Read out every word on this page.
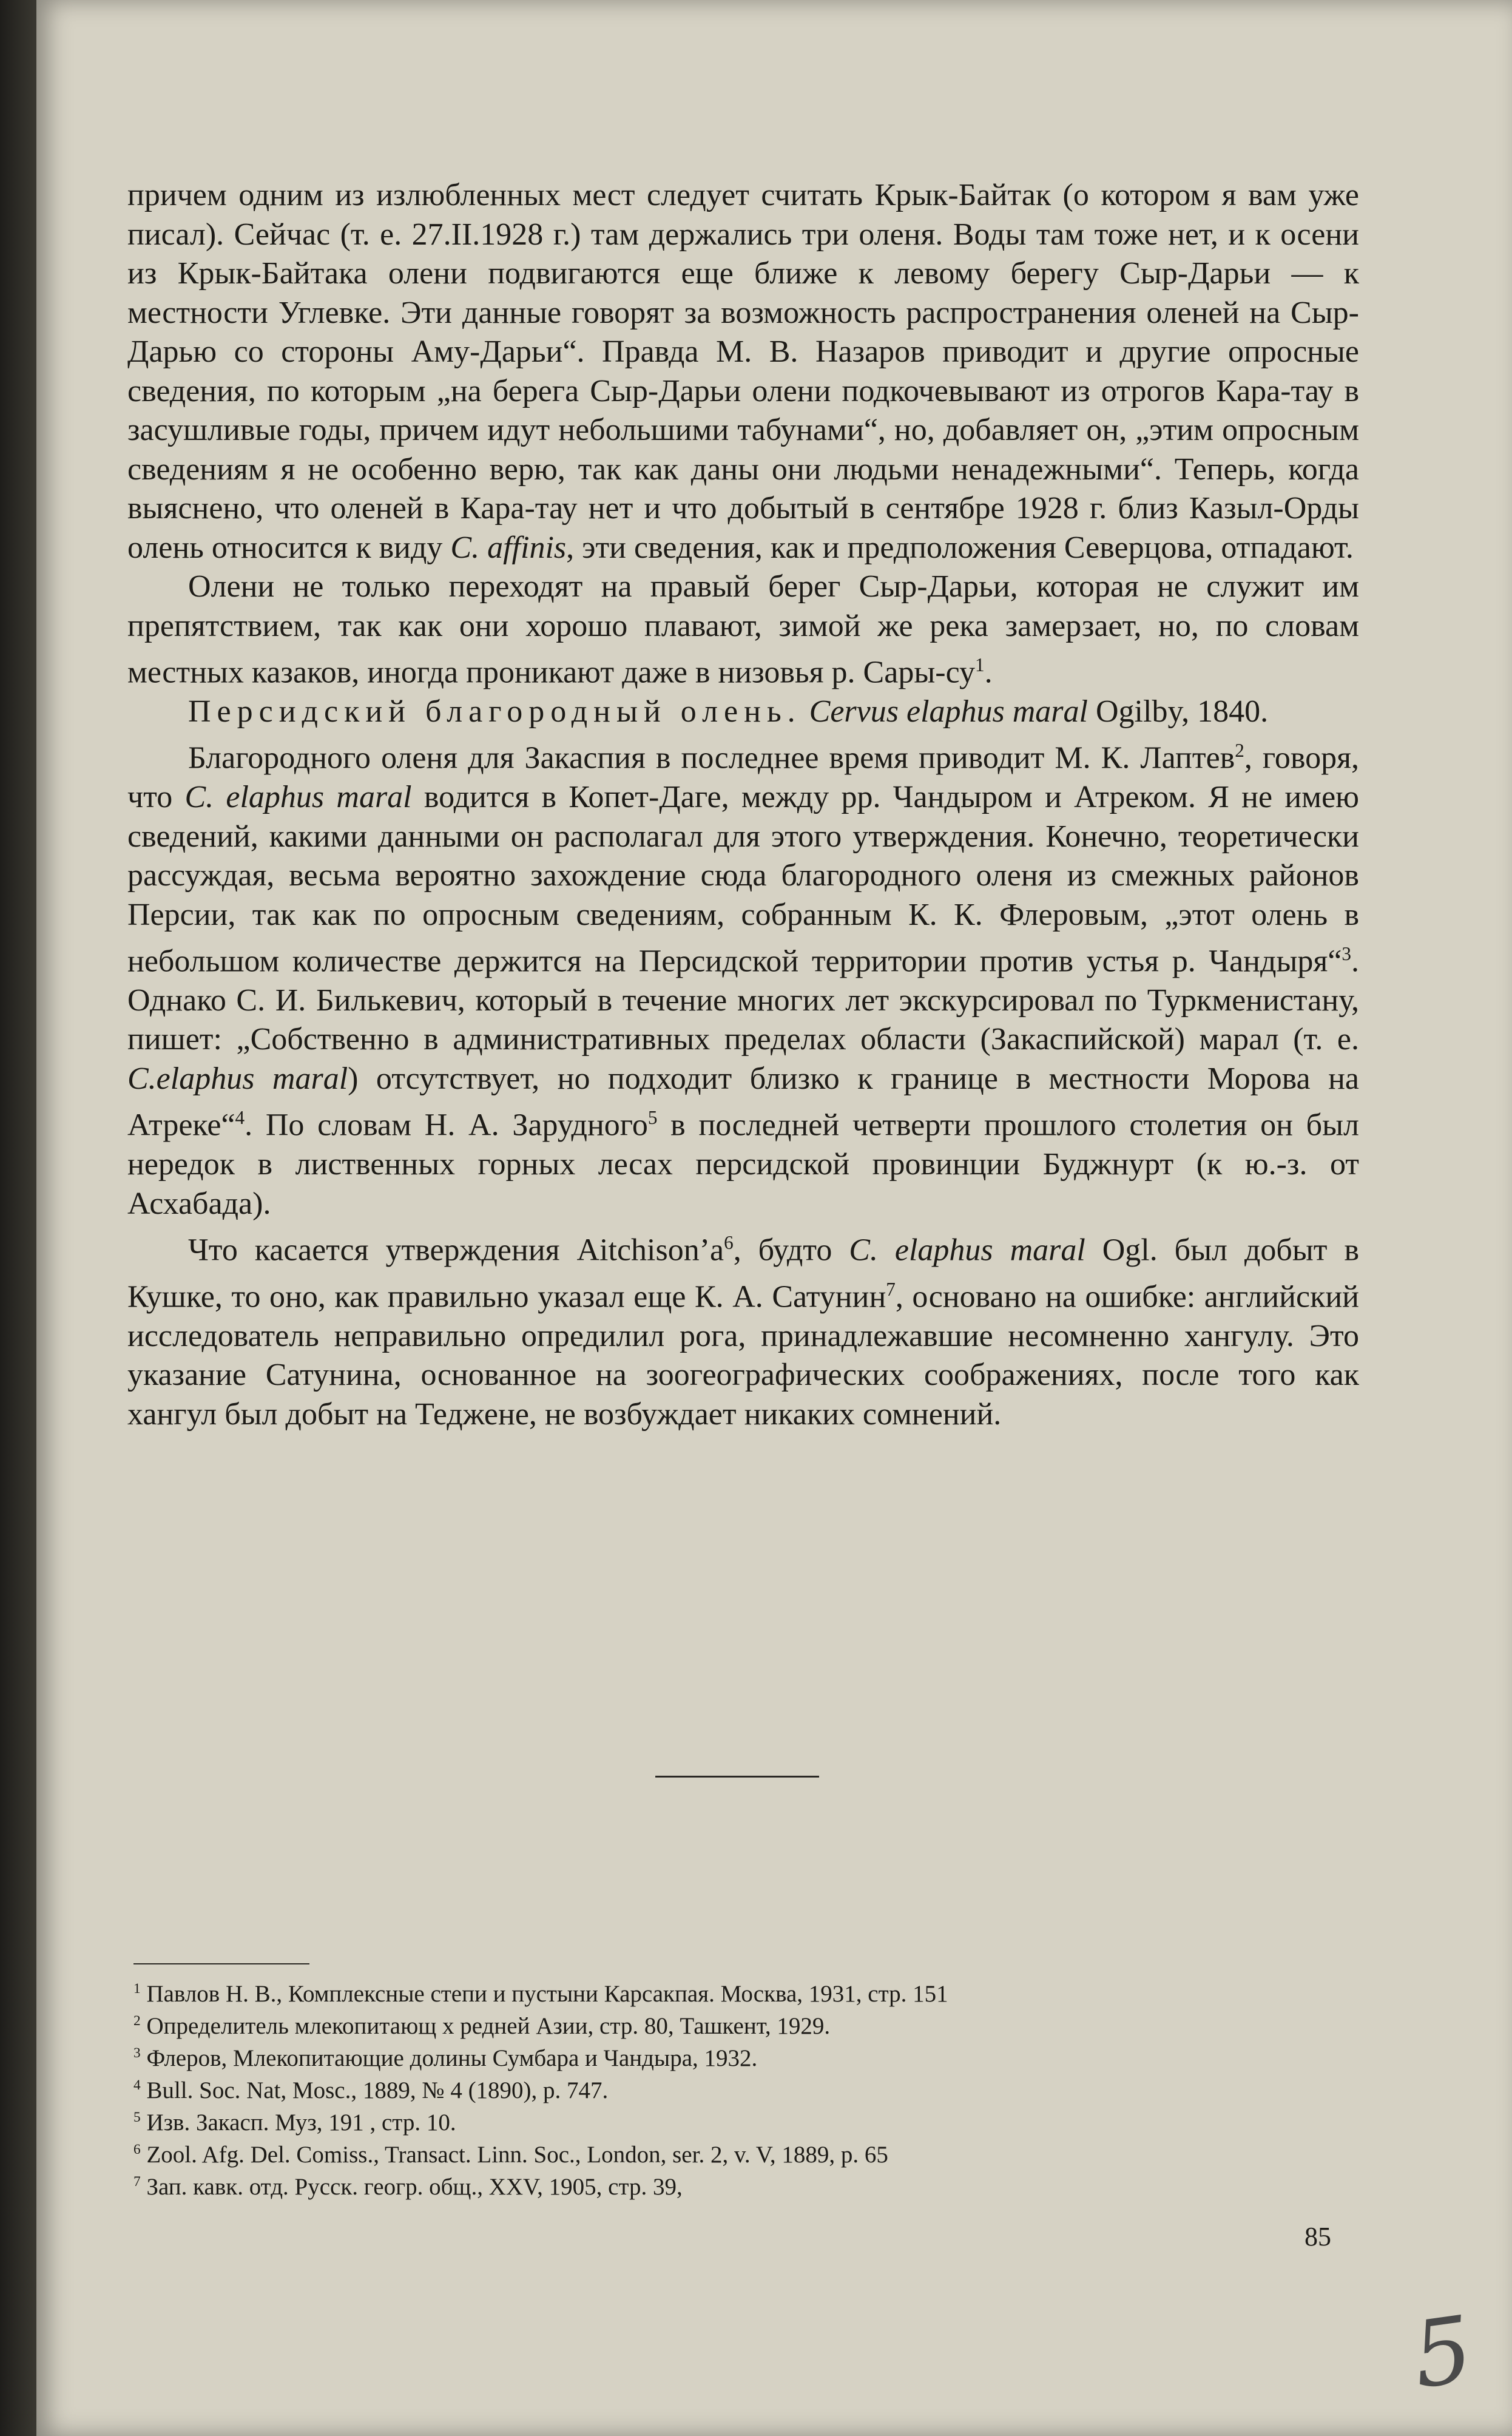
причем одним из излюбленных мест следует считать Крык-Байтак (о котором я вам уже писал). Сейчас (т. е. 27.II.1928 г.) там держались три оленя. Воды там тоже нет, и к осени из Крык-Байтака олени подвигаются еще ближе к левому берегу Сыр-Дарьи — к местности Углевке. Эти данные говорят за возможность распространения оленей на Сыр-Дарью со стороны Аму-Дарьи“. Правда М. В. Назаров приводит и другие опросные сведения, по которым „на берега Сыр-Дарьи олени подкочевывают из отрогов Кара-тау в засушливые годы, причем идут небольшими табунами“, но, добавляет он, „этим опросным сведениям я не особенно верю, так как даны они людьми ненадежными“. Теперь, когда выяснено, что оленей в Кара-тау нет и что добытый в сентябре 1928 г. близ Казыл-Орды олень относится к виду C. affinis, эти сведения, как и предположения Северцова, отпадают.

Олени не только переходят на правый берег Сыр-Дарьи, которая не служит им препятствием, так как они хорошо плавают, зимой же река замерзает, но, по словам местных казаков, иногда проникают даже в низовья р. Сары-$су^1$.

Персидский благородный олень. Cervus elaphus maral Ogilby, 1840.

Благородного оленя для Закаспия в последнее время приводит М. К. Лаптев$^2$, говоря, что C. elaphus maral водится в Копет-Даге, между рр. Чандыром и Атреком. Я не имею сведений, какими данными он располагал для этого утверждения. Конечно, теоретически рассуждая, весьма вероятно захождение сюда благородного оленя из смежных районов Персии, так как по опросным сведениям, собранным К. К. Флеровым, „этот олень в небольшом количестве держится на Персидской территории против устья р. Чандыря“$^3$. Однако С. И. Билькевич, который в течение многих лет экскурсировал по Туркменистану, пишет: „Собственно в административных пределах области (Закаспийской) марал (т. е. C.elaphus maral) отсутствует, но подходит близко к границе в местности Морова на Атреке“$^4$. По словам Н. А. Зарудного$^5$ в последней четверти прошлого столетия он был нередок в лиственных горных лесах персидской провинции Буджнурт (к ю.-з. от Асхабада).

Что касается утверждения $Aitchison’a^6$, будто C. elaphus maral Ogl. был добыт в Кушке, то оно, как правильно указал еще К. А. Сатунин$^7$, основано на ошибке: английский исследователь неправильно опредилил рога, принадлежавшие несомненно хангулу. Это указание Сатунина, основанное на зоогеографических соображениях, после того как хангул был добыт на Теджене, не возбуждает никаких сомнений.

$^1$ Павлов Н. В., Комплексные степи и пустыни Карсакпая. Москва, 1931, стр. 151
$^2$ Определитель млекопитающ х редней Азии, стр. 80, Ташкент, 1929.
$^3$ Флеров, Млекопитающие долины Сумбара и Чандыра, 1932.
$^4$ Bull. Soc. Nat, Mosc., 1889, № 4 (1890), p. 747.
$^5$ Изв. Закасп. Муз, 191 , стр. 10.
$^6$ Zool. Afg. Del. Comiss., Transact. Linn. Soc., London, ser. 2, v. V, 1889, p. 65
$^7$ Зап. кавк. отд. Русск. геогр. общ., XXV, 1905, стр. 39,
85
5
